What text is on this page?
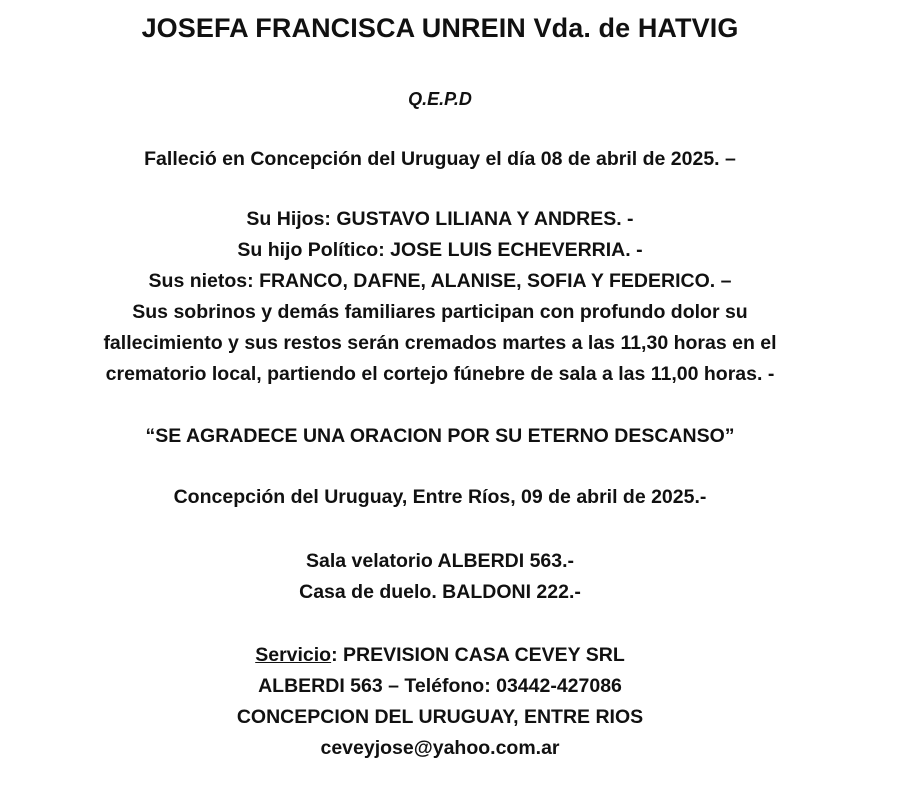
JOSEFA FRANCISCA UNREIN Vda. de HATVIG
Q.E.P.D
Falleció en Concepción del Uruguay el día 08 de abril de 2025. –
Su Hijos: GUSTAVO LILIANA Y ANDRES. -
Su hijo Político: JOSE LUIS ECHEVERRIA. -
Sus nietos: FRANCO, DAFNE, ALANISE, SOFIA Y FEDERICO. –
Sus sobrinos y demás familiares participan con profundo dolor su
fallecimiento y sus restos serán cremados martes a las 11,30 horas en el
crematorio local, partiendo el cortejo fúnebre de sala a las 11,00 horas. -
“SE AGRADECE UNA ORACION POR SU ETERNO DESCANSO”
Concepción del Uruguay, Entre Ríos, 09 de abril de 2025.-
Sala velatorio ALBERDI 563.-
Casa de duelo. BALDONI 222.-
Servicio: PREVISION CASA CEVEY SRL
ALBERDI 563 – Teléfono: 03442-427086
CONCEPCION DEL URUGUAY, ENTRE RIOS
ceveyjose@yahoo.com.ar
